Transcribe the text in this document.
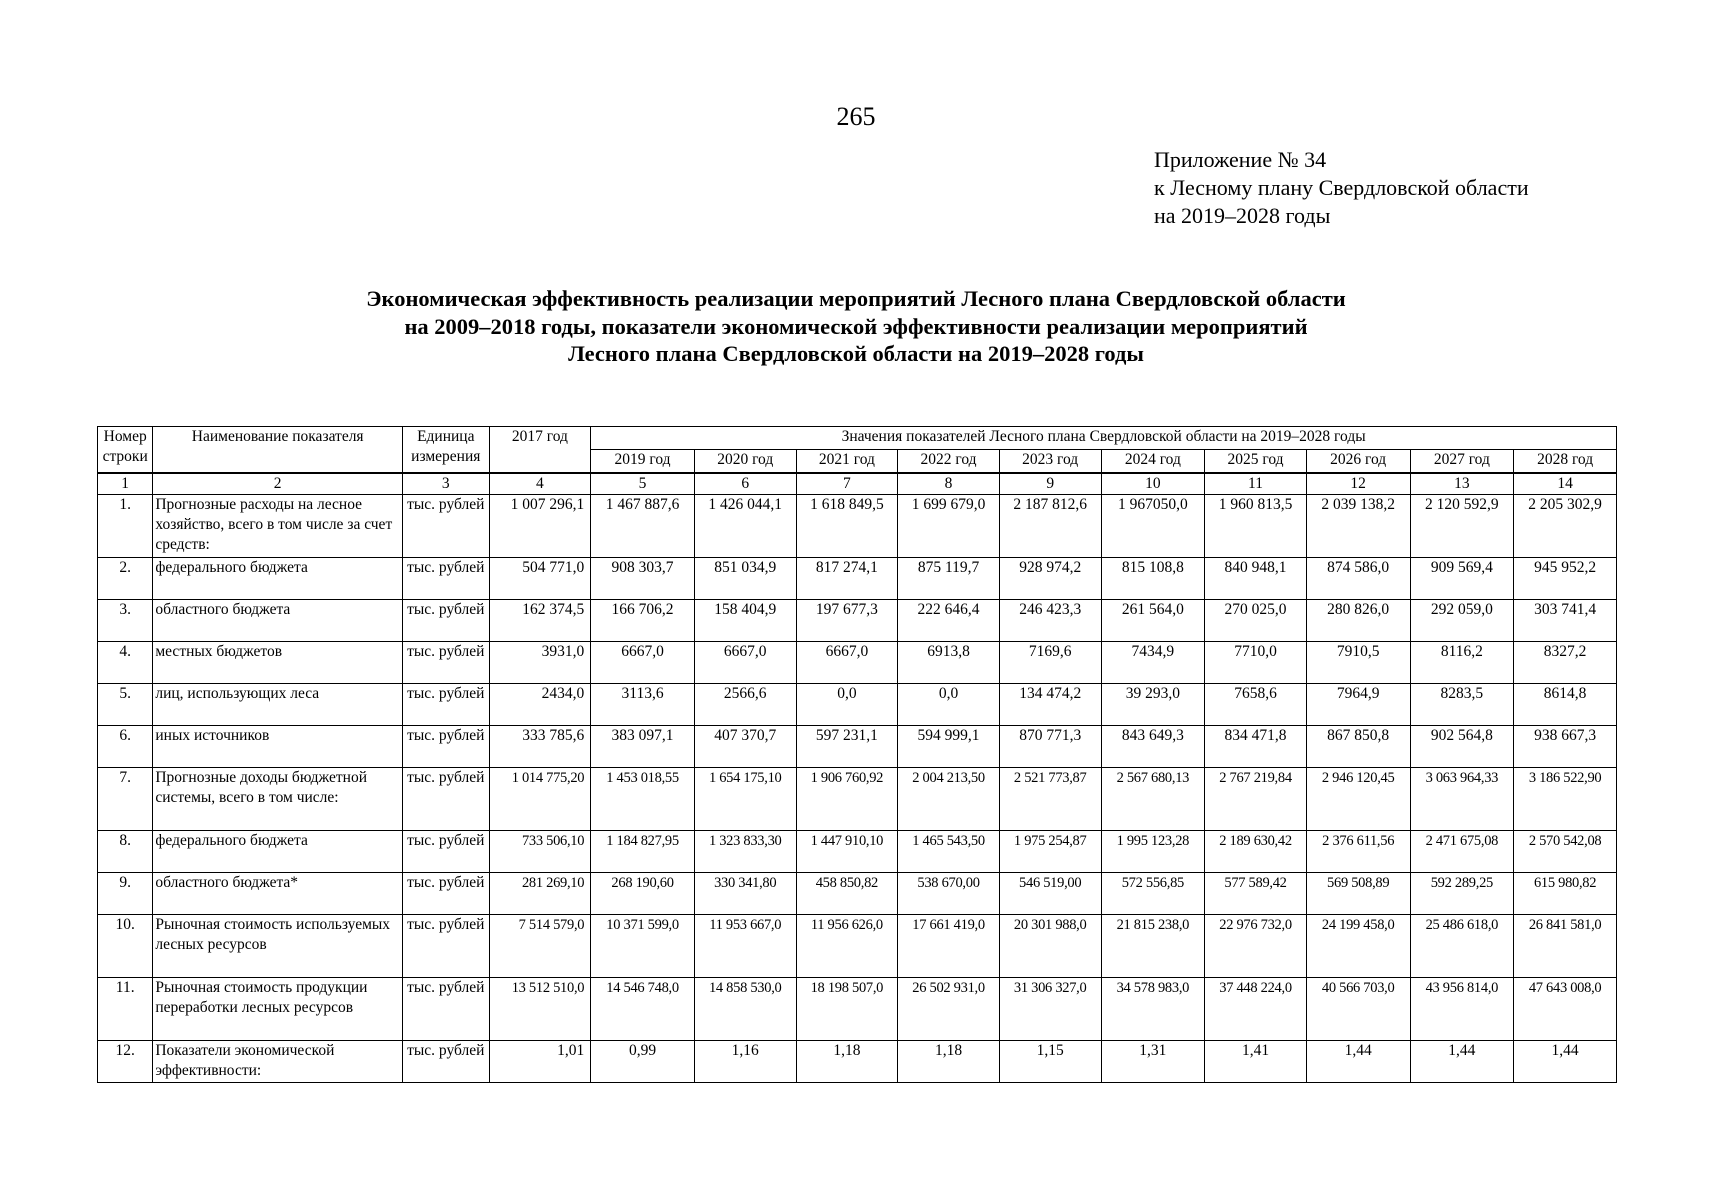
265
Приложение № 34
к Лесному плану Свердловской области
на 2019–2028 годы
Экономическая эффективность реализации мероприятий Лесного плана Свердловской области
на 2009–2018 годы, показатели экономической эффективности реализации мероприятий
Лесного плана Свердловской области на 2019–2028 годы
Номер строки	Наименование показателя	Единица измерения	2017 год	Значения показателей Лесного плана Свердловской области на 2019–2028 годы									
				2019 год	2020 год	2021 год	2022 год	2023 год	2024 год	2025 год	2026 год	2027 год	2028 год
1	2	3	4	5	6	7	8	9	10	11	12	13	14
1.	Прогнозные расходы на лесное хозяйство, всего в том числе за счет средств:	тыс. рублей	1 007 296,1	1 467 887,6	1 426 044,1	1 618 849,5	1 699 679,0	2 187 812,6	1 967050,0	1 960 813,5	2 039 138,2	2 120 592,9	2 205 302,9
2.	федерального бюджета	тыс. рублей	504 771,0	908 303,7	851 034,9	817 274,1	875 119,7	928 974,2	815 108,8	840 948,1	874 586,0	909 569,4	945 952,2
3.	областного бюджета	тыс. рублей	162 374,5	166 706,2	158 404,9	197 677,3	222 646,4	246 423,3	261 564,0	270 025,0	280 826,0	292 059,0	303 741,4
4.	местных бюджетов	тыс. рублей	3931,0	6667,0	6667,0	6667,0	6913,8	7169,6	7434,9	7710,0	7910,5	8116,2	8327,2
5.	лиц, использующих леса	тыс. рублей	2434,0	3113,6	2566,6	0,0	0,0	134 474,2	39 293,0	7658,6	7964,9	8283,5	8614,8
6.	иных источников	тыс. рублей	333 785,6	383 097,1	407 370,7	597 231,1	594 999,1	870 771,3	843 649,3	834 471,8	867 850,8	902 564,8	938 667,3
7.	Прогнозные доходы бюджетной системы, всего в том числе:	тыс. рублей	1 014 775,20	1 453 018,55	1 654 175,10	1 906 760,92	2 004 213,50	2 521 773,87	2 567 680,13	2 767 219,84	2 946 120,45	3 063 964,33	3 186 522,90
8.	федерального бюджета	тыс. рублей	733 506,10	1 184 827,95	1 323 833,30	1 447 910,10	1 465 543,50	1 975 254,87	1 995 123,28	2 189 630,42	2 376 611,56	2 471 675,08	2 570 542,08
9.	областного бюджета*	тыс. рублей	281 269,10	268 190,60	330 341,80	458 850,82	538 670,00	546 519,00	572 556,85	577 589,42	569 508,89	592 289,25	615 980,82
10.	Рыночная стоимость используемых лесных ресурсов	тыс. рублей	7 514 579,0	10 371 599,0	11 953 667,0	11 956 626,0	17 661 419,0	20 301 988,0	21 815 238,0	22 976 732,0	24 199 458,0	25 486 618,0	26 841 581,0
11.	Рыночная стоимость продукции переработки лесных ресурсов	тыс. рублей	13 512 510,0	14 546 748,0	14 858 530,0	18 198 507,0	26 502 931,0	31 306 327,0	34 578 983,0	37 448 224,0	40 566 703,0	43 956 814,0	47 643 008,0
12.	Показатели экономической эффективности:	тыс. рублей	1,01	0,99	1,16	1,18	1,18	1,15	1,31	1,41	1,44	1,44	1,44
